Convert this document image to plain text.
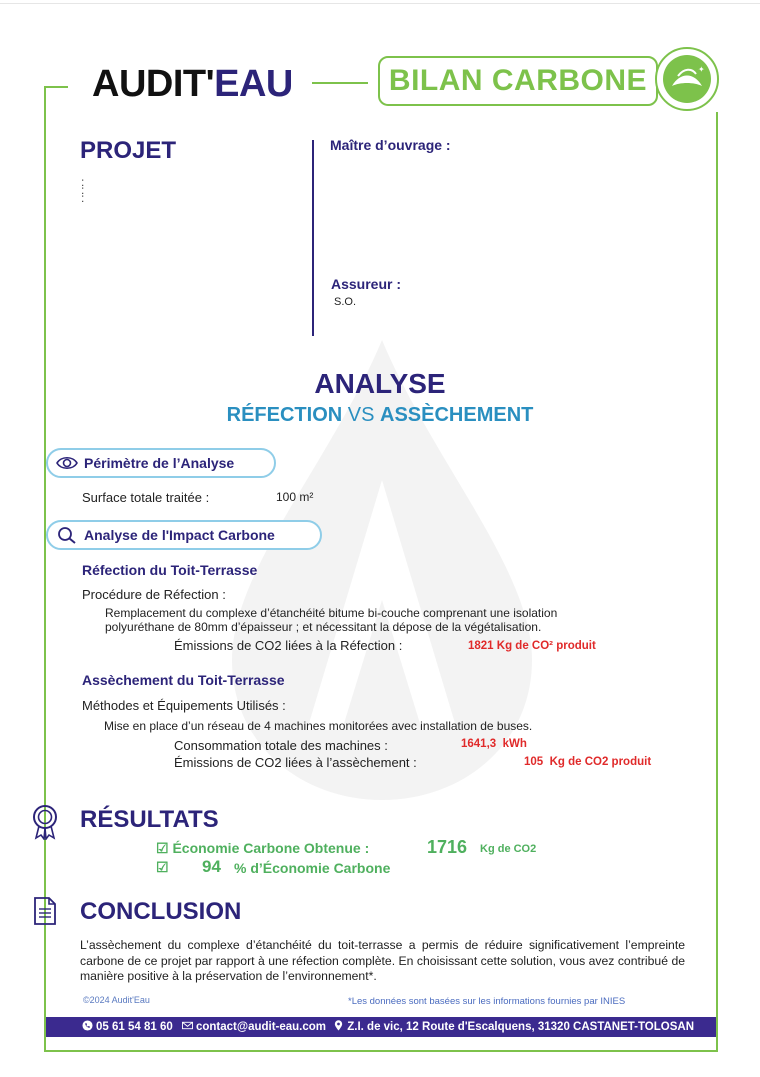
AUDIT'EAU	BILAN CARBONE	✦
PROJET
:
:
:
Maître d’ouvrage :
Assureur :
S.O.
ANALYSE
RÉFECTION VS ASSÈCHEMENT
Périmètre de l’Analyse
Surface totale traitée :	100 m²
Analyse de l'Impact Carbone
Réfection du Toit-Terrasse
Procédure de Réfection :
Remplacement du complexe d’étanchéité bitume bi-couche comprenant une isolation
polyuréthane de 80mm d’épaisseur ; et nécessitant la dépose de la végétalisation.
Émissions de CO2 liées à la Réfection :	1821 Kg de CO² produit
Assèchement du Toit-Terrasse
Méthodes et Équipements Utilisés :
Mise en place d’un réseau de 4 machines monitorées avec installation de buses.
Consommation totale des machines :	1641,3  kWh
Émissions de CO2 liées à l’assèchement :	105  Kg de CO2 produit
RÉSULTATS
☑ Économie Carbone Obtenue :	1716 Kg de CO2
☑ 94 % d’Économie Carbone
CONCLUSION
L’assèchement du complexe d’étanchéité du toit-terrasse a permis de réduire significativement l’empreinte carbone de ce projet par rapport à une réfection complète. En choisissant cette solution, vous avez contribué de manière positive à la préservation de l’environnement*.
©2024 Audit'Eau	*Les données sont basées sur les informations fournies par INIES
05 61 54 81 60 contact@audit-eau.com Z.I. de vic, 12 Route d'Escalquens, 31320 CASTANET-TOLOSAN
